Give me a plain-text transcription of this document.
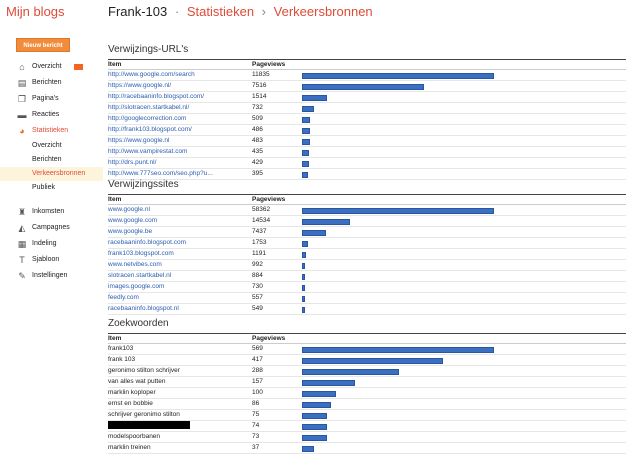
Mijn blogs	Frank-103 · Statistieken › Verkeersbronnen
Nieuw bericht
⌂	Overzicht
▤ Berichten
❐ Pagina's
▬ Reacties
◕	Statistieken
Overzicht
Berichten
Verkeersbronnen
Publiek
♜ Inkomsten
◭ Campagnes
▦ Indeling
T	Sjabloon
✎ Instellingen
Verwijzings-URL's
Item	Pageviews	
http://www.google.com/search	11835	

https://www.google.nl/	7516	

http://racebaaninfo.blogspot.com/	1514	

http://slotracen.startkabel.nl/	732	

http://googlecorrection.com	509	

http://frank103.blogspot.com/	486	

https://www.google.nl	483	

http://www.vampirestat.com	435	

http://drs.punt.nl/	429	

http://www.777seo.com/seo.php?u...	395	
Verwijzingssites
Item	Pageviews	
www.google.nl	58362	

www.google.com	14534	

www.google.be	7437	

racebaaninfo.blogspot.com	1753	

frank103.blogspot.com	1191	

www.netvibes.com	992	

slotracen.startkabel.nl	884	

images.google.com	730	

feedly.com	557	

racebaaninfo.blogspot.nl	549	
Zoekwoorden
Item	Pageviews	
frank103	569	

frank 103	417	

geronimo stilton schrijver	288	

van alles wat putten	157	

marklin koploper	100	

ernst en bobbie	86	

schrijver geronimo stilton	75	

	74	

modelspoorbanen	73	

marklin treinen	37	
